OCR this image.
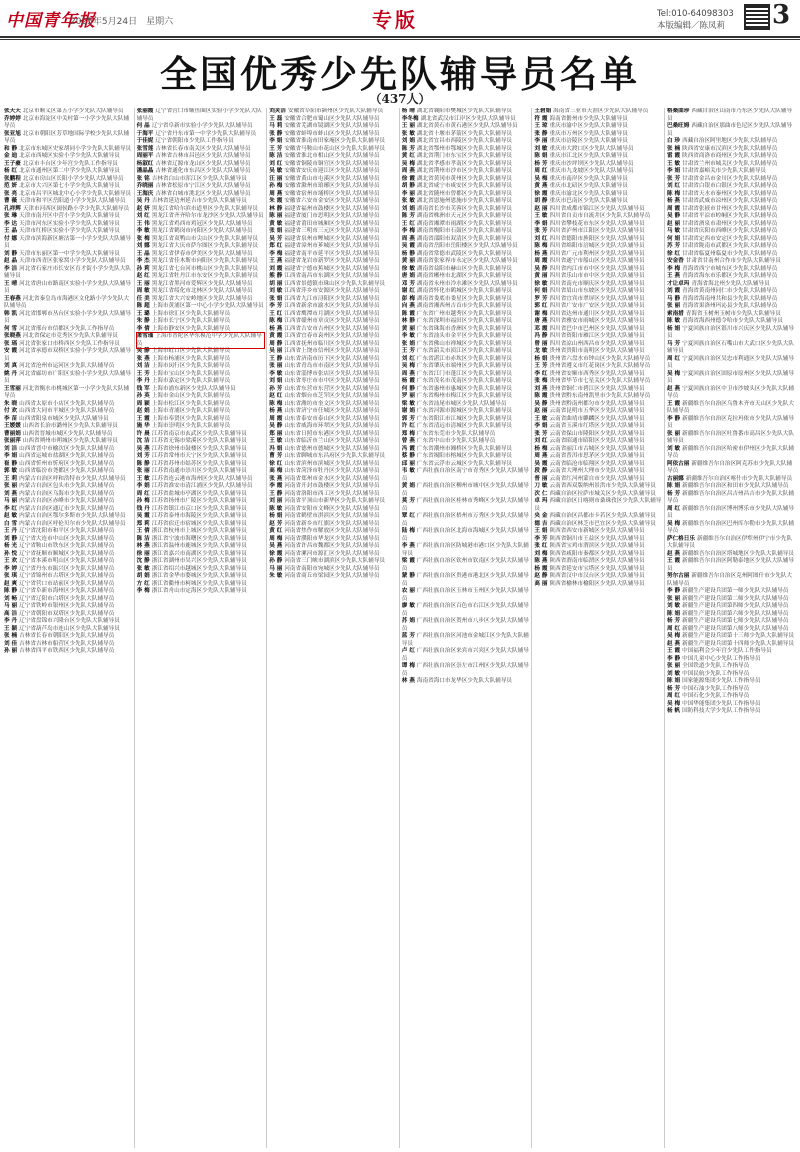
中国青年报
2025年5月24日　星期六	专版	Tel:010-64098303
本版编辑／陈凤莉	3
全国优秀少先队辅导员名单
（437人）

张天天 北京市顺义区第五小学少先队大队辅导员

乔婷婷 北京市海淀区中关村第一小学少先队大队辅导员

张亚旭 北京市朝阳区芳草地国际学校少先队大队辅导员

和 静 北京市东城区史家胡同小学少先队大队辅导员

金 迪 北京市西城区实验小学少先队大队辅导员

王子豪 北京市丰台区少年宫少先队工作指导员

杨 红 北京市通州区第二中学少先队大队辅导员

张鹏程 北京市房山区长阳小学少先队大队辅导员

范 妍 北京市大兴区第七小学少先队大队辅导员

张 亮 北京市昌平区城北中心小学少先队大队辅导员

曹 薇 天津市和平区岳阳道小学少先队大队辅导员

孔祥辉 天津市河西区闽侯路小学少先队大队辅导员

张 琳 天津市南开区中营小学少先队大队辅导员

李 达 天津市河东区实验小学少先队大队辅导员

王 晶 天津市红桥区实验小学少先队大队辅导员

付 娜 天津市滨海新区塘沽第一小学少先队大队辅导员

刘 静 天津市东丽区第一中学少先队大队辅导员

赵 晶 天津市西青区张家窝小学少先队大队辅导员

李 洁 河北省石家庄市长安区育才街小学少先队大队辅导员

王 晴 河北省唐山市路南区实验小学少先队大队辅导员

王春燕 河北省秦皇岛市海港区文化路小学少先队大队辅导员

韩 凯 河北省邯郸市丛台区实验小学少先队大队辅导员

何 雪 河北省邢台市信都区少先队工作指导员

张晓燕 河北省保定市竞秀区少先队大队辅导员

张 瑶 河北省张家口市桥西区少先队工作指导员

安 霞 河北省承德市双桥区实验小学少先队大队辅导员

刘 真 河北省沧州市运河区少先队大队辅导员

姚 丹 河北省廊坊市广阳区实验小学少先队大队辅导员

王雪丽 河北省衡水市桃城区第一小学少先队大队辅导员

朱 晓 山西省太原市小店区少先队大队辅导员

付 欢 山西省大同市平城区少先队大队辅导员

李 苗 山西省阳泉市城区少先队大队辅导员

王媛媛 山西省长治市潞州区少先队大队辅导员

曹丽娟 山西省晋城市城区少先队大队辅导员

张丽萍 山西省朔州市朔城区少先队大队辅导员

刘 洁 山西省晋中市榆次区少先队大队辅导员

李 娟 山西省运城市盐湖区少先队大队辅导员

崔 静 山西省忻州市忻府区少先队大队辅导员

郭 敏 山西省临汾市尧都区少先队大队辅导员

王 莉 内蒙古自治区呼和浩特市少先队大队辅导员

张 丽 内蒙古自治区包头市少先队大队辅导员

刘 燕 内蒙古自治区乌海市少先队大队辅导员

马 丽 内蒙古自治区赤峰市少先队大队辅导员

李 红 内蒙古自治区通辽市少先队大队辅导员

赵 敏 内蒙古自治区鄂尔多斯市少先队大队辅导员

白 雪 内蒙古自治区呼伦贝尔市少先队大队辅导员

王 丹 辽宁省沈阳市和平区少先队大队辅导员

刘 静 辽宁省大连市中山区少先队大队辅导员

杨 光 辽宁省鞍山市铁东区少先队大队辅导员

孙 悦 辽宁省抚顺市顺城区少先队大队辅导员

王 欢 辽宁省本溪市明山区少先队大队辅导员

李 婷 辽宁省丹东市振兴区少先队大队辅导员

张 琪 辽宁省锦州市古塔区少先队大队辅导员

赵 爽 辽宁省营口市站前区少先队大队辅导员

陈 静 辽宁省阜新市海州区少先队大队辅导员

刘 畅 辽宁省辽阳市白塔区少先队大队辅导员

马 丽 辽宁省铁岭市银州区少先队大队辅导员

高 洁 辽宁省朝阳市双塔区少先队大队辅导员

李 丹 辽宁省盘锦市兴隆台区少先队大队辅导员

王 颖 辽宁省葫芦岛市连山区少先队大队辅导员

张 楠 吉林省长春市朝阳区少先队大队辅导员

刘 佳 吉林省吉林市船营区少先队大队辅导员

孙 丽 吉林省四平市铁西区少先队大队辅导员

张丽霞 辽宁省营口市鲅鱼圈区实验小学少先队大队辅导员

何 晶 辽宁省阜新市实验小学少先队大队辅导员

于海平 辽宁省丹东市第一中学少先队大队辅导员

于佳妮 辽宁省朝阳市少先队工作指导员

张雪莲 吉林省长春市南关区少先队大队辅导员

周丽平 吉林省吉林市昌邑区少先队大队辅导员

杨淑红 吉林省辽源市龙山区少先队大队辅导员

潘晶晶 吉林省通化市东昌区少先队大队辅导员

张 铭 吉林省白山市浑江区少先队大队辅导员

乔晓丽 吉林省松原市宁江区少先队大队辅导员

王海庆 吉林省白城市洮北区少先队大队辅导员

吴 丹 吉林省延边州延吉市少先队大队辅导员

赵 妍 黑龙江省哈尔滨市道里区少先队大队辅导员

刘 红 黑龙江省齐齐哈尔市龙沙区少先队大队辅导员

王 伟 黑龙江省鸡西市鸡冠区少先队大队辅导员

李 敏 黑龙江省鹤岗市向阳区少先队大队辅导员

张 梅 黑龙江省双鸭山市尖山区少先队大队辅导员

刘 娜 黑龙江省大庆市萨尔图区少先队大队辅导员

王 晶 黑龙江省伊春市伊美区少先队大队辅导员

李 杰 黑龙江省佳木斯市向阳区少先队大队辅导员

孙 莉 黑龙江省七台河市桃山区少先队大队辅导员

赵 红 黑龙江省牡丹江市东安区少先队大队辅导员

王 丽 黑龙江省黑河市爱辉区少先队大队辅导员

周 敏 黑龙江省绥化市北林区少先队大队辅导员

任 美 黑龙江省大兴安岭地区少先队大队辅导员

陈 超 上海市黄浦区第一中心小学少先队大队辅导员

王 璐 上海市徐汇区少先队大队辅导员

朱 静 上海市长宁区少先队大队辅导员

李 倩 上海市静安区少先队大队辅导员

萧雪瑾 上海市普陀区华东模范中学少先队大队辅导员

吴 静 上海市虹口区少先队大队辅导员

张 燕 上海市杨浦区少先队大队辅导员

刘 洁 上海市闵行区少先队大队辅导员

王 芳 上海市宝山区少先队大队辅导员

李 丹 上海市嘉定区少先队大队辅导员

钱 军 上海市浦东新区少先队大队辅导员

孙 英 上海市金山区少先队大队辅导员

周 颖 上海市松江区少先队大队辅导员

赵 娟 上海市青浦区少先队大队辅导员

王 霞 上海市奉贤区少先队大队辅导员

施 华 上海市崇明区少先队大队辅导员

许 晨 江苏省南京市玄武区少先队大队辅导员

沈 洁 江苏省无锡市梁溪区少先队大队辅导员

吴 燕 江苏省徐州市鼓楼区少先队大队辅导员

刘 芳 江苏省常州市天宁区少先队大队辅导员

陈 静 江苏省苏州市姑苏区少先队大队辅导员

张 丽 江苏省南通市崇川区少先队大队辅导员

王 敏 江苏省连云港市海州区少先队大队辅导员

李 娟 江苏省淮安市清江浦区少先队大队辅导员

周 红 江苏省盐城市亭湖区少先队大队辅导员

孙 梅 江苏省扬州市广陵区少先队大队辅导员

钱 丹 江苏省镇江市京口区少先队大队辅导员

吴 霞 江苏省泰州市海陵区少先队大队辅导员

郑 莉 江苏省宿迁市宿城区少先队大队辅导员

王 倩 浙江省杭州市上城区少先队大队辅导员

陈 洁 浙江省宁波市海曙区少先队大队辅导员

林 燕 浙江省温州市鹿城区少先队大队辅导员

徐 丽 浙江省嘉兴市南湖区少先队大队辅导员

沈 静 浙江省湖州市吴兴区少先队大队辅导员

张 敏 浙江省绍兴市越城区少先队大队辅导员

胡 娟 浙江省金华市婺城区少先队大队辅导员

方 红 浙江省衢州市柯城区少先队大队辅导员

李 梅 浙江省舟山市定海区少先队大队辅导员

刘灵洁 安徽省阜阳市颍州区少先队大队辅导员

王 磊 安徽省合肥市蜀山区少先队大队辅导员

马 莉 安徽省芜湖市镜湖区少先队大队辅导员

张 静 安徽省蚌埠市蚌山区少先队大队辅导员

李 娟 安徽省淮南市田家庵区少先队大队辅导员

王 芳 安徽省马鞍山市花山区少先队大队辅导员

陈 洁 安徽省淮北市相山区少先队大队辅导员

刘 红 安徽省铜陵市铜官区少先队大队辅导员

吴 敏 安徽省安庆市迎江区少先队大队辅导员

汪 丽 安徽省黄山市屯溪区少先队大队辅导员

孙 梅 安徽省滁州市琅琊区少先队大队辅导员

周 燕 安徽省宿州市埇桥区少先队大队辅导员

朱 霞 安徽省六安市金安区少先队大队辅导员

林 静 福建省福州市鼓楼区少先队大队辅导员

陈 丽 福建省厦门市思明区少先队大队辅导员

黄 敏 福建省莆田市城厢区少先队大队辅导员

张 娟 福建省三明市三元区少先队大队辅导员

吴 芳 福建省泉州市鲤城区少先队大队辅导员

郑 红 福建省漳州市芗城区少先队大队辅导员

李 梅 福建省南平市延平区少先队大队辅导员

王 燕 福建省龙岩市新罗区少先队大队辅导员

刘 霞 福建省宁德市蕉城区少先队大队辅导员

熊 静 江西省南昌市东湖区少先队大队辅导员

胡 丽 江西省景德镇市珠山区少先队大队辅导员

刘 敏 江西省萍乡市安源区少先队大队辅导员

张 娟 江西省九江市浔阳区少先队大队辅导员

李 芳 江西省新余市渝水区少先队大队辅导员

王 红 江西省鹰潭市月湖区少先队大队辅导员

陈 梅 江西省赣州市章贡区少先队大队辅导员

杨 燕 江西省吉安市吉州区少先队大队辅导员

黄 霞 江西省宜春市袁州区少先队大队辅导员

周 静 江西省抚州市临川区少先队大队辅导员

吴 丽 江西省上饶市信州区少先队大队辅导员

王 静 山东省济南市历下区少先队大队辅导员

张 丽 山东省青岛市市南区少先队大队辅导员

李 敏 山东省淄博市张店区少先队大队辅导员

刘 娟 山东省枣庄市市中区少先队大队辅导员

孙 芳 山东省东营市东营区少先队大队辅导员

赵 红 山东省烟台市芝罘区少先队大队辅导员

陈 梅 山东省潍坊市奎文区少先队大队辅导员

杨 燕 山东省济宁市任城区少先队大队辅导员

周 霞 山东省泰安市泰山区少先队大队辅导员

吴 静 山东省威海市环翠区少先队大队辅导员

郑 丽 山东省日照市东港区少先队大队辅导员

王 敏 山东省临沂市兰山区少先队大队辅导员

冯 娟 山东省德州市德城区少先队大队辅导员

曹 芳 山东省聊城市东昌府区少先队大队辅导员

徐 红 山东省滨州市滨城区少先队大队辅导员

高 梅 山东省菏泽市牡丹区少先队大队辅导员

张 燕 河南省郑州市金水区少先队大队辅导员

李 霞 河南省开封市鼓楼区少先队大队辅导员

王 静 河南省洛阳市西工区少先队大队辅导员

刘 丽 河南省平顶山市新华区少先队大队辅导员

陈 敏 河南省安阳市文峰区少先队大队辅导员

杨 娟 河南省鹤壁市淇滨区少先队大队辅导员

赵 芳 河南省新乡市红旗区少先队大队辅导员

黄 红 河南省焦作市解放区少先队大队辅导员

周 梅 河南省濮阳市华龙区少先队大队辅导员

吴 燕 河南省许昌市魏都区少先队大队辅导员

徐 霞 河南省漯河市源汇区少先队大队辅导员

孙 静 河南省三门峡市湖滨区少先队大队辅导员

马 丽 河南省南阳市宛城区少先队大队辅导员

朱 敏 河南省商丘市梁园区少先队大队辅导员

杨 晴 湖北省襄阳市樊城区少先队大队辅导员

李冬梅 湖北省武汉市江岸区少先队大队辅导员

王 丽 湖北省黄石市黄石港区少先队大队辅导员

张 敏 湖北省十堰市茅箭区少先队大队辅导员

刘 娟 湖北省宜昌市西陵区少先队大队辅导员

陈 芳 湖北省鄂州市鄂城区少先队大队辅导员

黄 红 湖北省荆门市东宝区少先队大队辅导员

吴 梅 湖北省孝感市孝南区少先队大队辅导员

周 燕 湖北省荆州市沙市区少先队大队辅导员

徐 霞 湖北省黄冈市黄州区少先队大队辅导员

胡 静 湖北省咸宁市咸安区少先队大队辅导员

李 丽 湖北省随州市曾都区少先队大队辅导员

张 敏 湖北省恩施州恩施市少先队大队辅导员

刘 娟 湖南省长沙市芙蓉区少先队大队辅导员

陈 芳 湖南省株洲市天元区少先队大队辅导员

王 红 湖南省湘潭市雨湖区少先队大队辅导员

李 梅 湖南省衡阳市石鼓区少先队大队辅导员

周 燕 湖南省邵阳市双清区少先队大队辅导员

吴 霞 湖南省岳阳市岳阳楼区少先队大队辅导员

杨 静 湖南省常德市武陵区少先队大队辅导员

黄 丽 湖南省张家界市永定区少先队大队辅导员

徐 敏 湖南省益阳市赫山区少先队大队辅导员

唐 娟 湖南省郴州市北湖区少先队大队辅导员

邓 芳 湖南省永州市冷水滩区少先队大队辅导员

谢 红 湖南省怀化市鹤城区少先队大队辅导员

彭 梅 湖南省娄底市娄星区少先队大队辅导员

向 燕 湖南省湘西州吉首市少先队大队辅导员

陈 霞 广东省广州市越秀区少先队大队辅导员

林 静 广东省深圳市福田区少先队大队辅导员

黄 丽 广东省珠海市香洲区少先队大队辅导员

李 敏 广东省汕头市金平区少先队大队辅导员

张 娟 广东省佛山市禅城区少先队大队辅导员

王 芳 广东省韶关市浈江区少先队大队辅导员

刘 红 广东省湛江市赤坎区少先队大队辅导员

吴 梅 广东省肇庆市端州区少先队大队辅导员

周 燕 广东省江门市蓬江区少先队大队辅导员

杨 霞 广东省茂名市茂南区少先队大队辅导员

何 静 广东省惠州市惠城区少先队大队辅导员

罗 丽 广东省梅州市梅江区少先队大队辅导员

梁 敏 广东省汕尾市城区少先队大队辅导员

谢 娟 广东省河源市源城区少先队大队辅导员

郭 芳 广东省阳江市江城区少先队大队辅导员

许 红 广东省清远市清城区少先队大队辅导员

郑 梅 广东省东莞市少先队大队辅导员

曾 燕 广东省中山市少先队大队辅导员

冯 霞 广东省潮州市湘桥区少先队大队辅导员

蔡 静 广东省揭阳市榕城区少先队大队辅导员

邱 丽 广东省云浮市云城区少先队大队辅导员

韦 敏 广西壮族自治区南宁市青秀区少先队大队辅导员

黄 娟 广西壮族自治区柳州市城中区少先队大队辅导员

莫 芳 广西壮族自治区桂林市秀峰区少先队大队辅导员

覃 红 广西壮族自治区梧州市万秀区少先队大队辅导员

陆 梅 广西壮族自治区北海市海城区少先队大队辅导员

李 燕 广西壮族自治区防城港市港口区少先队大队辅导员

梁 霞 广西壮族自治区钦州市钦南区少先队大队辅导员

蒙 静 广西壮族自治区贵港市港北区少先队大队辅导员

农 丽 广西壮族自治区玉林市玉州区少先队大队辅导员

廖 敏 广西壮族自治区百色市右江区少先队大队辅导员

苏 娟 广西壮族自治区贺州市八步区少先队大队辅导员

蓝 芳 广西壮族自治区河池市金城江区少先队大队辅导员

卢 红 广西壮族自治区来宾市兴宾区少先队大队辅导员

谭 梅 广西壮族自治区崇左市江州区少先队大队辅导员

林 燕 海南省海口市龙华区少先队大队辅导员

王碧娟 海南省三亚市天涯区少先队大队辅导员

符 霞 海南省儋州市少先队大队辅导员

王 琼 重庆市渝中区少先队大队辅导员

张 静 重庆市万州区少先队大队辅导员

李 丽 重庆市涪陵区少先队大队辅导员

刘 敏 重庆市大渡口区少先队大队辅导员

陈 娟 重庆市江北区少先队大队辅导员

杨 芳 重庆市沙坪坝区少先队大队辅导员

周 红 重庆市九龙坡区少先队大队辅导员

吴 梅 重庆市南岸区少先队大队辅导员

黄 燕 重庆市北碚区少先队大队辅导员

徐 霞 重庆市渝北区少先队大队辅导员

胡 静 重庆市巴南区少先队大队辅导员

赵 丽 四川省成都市锦江区少先队大队辅导员

王 敏 四川省自贡市自流井区少先队大队辅导员

李 娟 四川省攀枝花市东区少先队大队辅导员

张 芳 四川省泸州市江阳区少先队大队辅导员

刘 红 四川省德阳市旌阳区少先队大队辅导员

陈 梅 四川省绵阳市涪城区少先队大队辅导员

杨 燕 四川省广元市利州区少先队大队辅导员

周 霞 四川省遂宁市船山区少先队大队辅导员

吴 静 四川省内江市市中区少先队大队辅导员

黄 丽 四川省乐山市市中区少先队大队辅导员

徐 敏 四川省南充市顺庆区少先队大队辅导员

何 娟 四川省眉山市东坡区少先队大队辅导员

罗 芳 四川省宜宾市翠屏区少先队大队辅导员

郭 红 四川省广安市广安区少先队大队辅导员

谢 梅 四川省达州市通川区少先队大队辅导员

唐 燕 四川省雅安市雨城区少先队大队辅导员

邓 霞 四川省巴中市巴州区少先队大队辅导员

冯 静 四川省资阳市雁江区少先队大队辅导员

曾 丽 四川省凉山州西昌市少先队大队辅导员

龙 敏 贵州省贵阳市南明区少先队大队辅导员

杨 娟 贵州省六盘水市钟山区少先队大队辅导员

王 芳 贵州省遵义市红花岗区少先队大队辅导员

李 红 贵州省安顺市西秀区少先队大队辅导员

张 梅 贵州省毕节市七星关区少先队大队辅导员

刘 燕 贵州省铜仁市碧江区少先队大队辅导员

陈 霞 贵州省黔东南州凯里市少先队大队辅导员

吴 静 贵州省黔南州都匀市少先队大队辅导员

赵 丽 云南省昆明市五华区少先队大队辅导员

王 敏 云南省曲靖市麒麟区少先队大队辅导员

李 娟 云南省玉溪市红塔区少先队大队辅导员

张 芳 云南省保山市隆阳区少先队大队辅导员

刘 红 云南省昭通市昭阳区少先队大队辅导员

杨 梅 云南省丽江市古城区少先队大队辅导员

周 燕 云南省普洱市思茅区少先队大队辅导员

吴 霞 云南省临沧市临翔区少先队大队辅导员

段 静 云南省大理州大理市少先队大队辅导员

普 丽 云南省红河州蒙自市少先队大队辅导员

刀 敏 云南省西双版纳州景洪市少先队大队辅导员

次 仁 西藏自治区拉萨市城关区少先队大队辅导员

卓 玛 西藏自治区日喀则市桑珠孜区少先队大队辅导员

央 金 西藏自治区昌都市卡若区少先队大队辅导员

德 吉 西藏自治区林芝市巴宜区少先队大队辅导员

王 娟 陕西省西安市新城区少先队大队辅导员

李 芳 陕西省铜川市王益区少先队大队辅导员

张 红 陕西省宝鸡市渭滨区少先队大队辅导员

刘 梅 陕西省咸阳市秦都区少先队大队辅导员

陈 燕 陕西省渭南市临渭区少先队大队辅导员

杨 霞 陕西省延安市宝塔区少先队大队辅导员

赵 静 陕西省汉中市汉台区少先队大队辅导员

高 丽 陕西省榆林市榆阳区少先队大队辅导员

格桑曲珍 西藏自治区山南市乃东区少先队大队辅导员

巴桑旺姆 西藏自治区那曲市色尼区少先队大队辅导员

白 珍 西藏自治区阿里地区少先队大队辅导员

张 楠 陕西省安康市汉滨区少先队大队辅导员

雷 霞 陕西省商洛市商州区少先队大队辅导员

王 敏 甘肃省兰州市城关区少先队大队辅导员

李 娟 甘肃省嘉峪关市少先队大队辅导员

张 芳 甘肃省金昌市金川区少先队大队辅导员

刘 红 甘肃省白银市白银区少先队大队辅导员

陈 梅 甘肃省天水市秦州区少先队大队辅导员

杨 燕 甘肃省武威市凉州区少先队大队辅导员

周 霞 甘肃省张掖市甘州区少先队大队辅导员

吴 静 甘肃省平凉市崆峒区少先队大队辅导员

赵 丽 甘肃省酒泉市肃州区少先队大队辅导员

马 敏 甘肃省庆阳市西峰区少先队大队辅导员

何 娟 甘肃省定西市安定区少先队大队辅导员

苏 芳 甘肃省陇南市武都区少先队大队辅导员

徐 红 甘肃省临夏州临夏市少先队大队辅导员

安金香 甘肃省甘南州合作市少先队大队辅导员

李 梅 青海省西宁市城东区少先队大队辅导员

王 燕 青海省海东市乐都区少先队大队辅导员

才让卓玛 青海省海北州少先队大队辅导员

刘 霞 青海省黄南州同仁市少先队大队辅导员

马 静 青海省海南州共和县少先队大队辅导员

张 丽 青海省果洛州玛沁县少先队大队辅导员

索南措 青海省玉树州玉树市少先队大队辅导员

陈 敏 青海省海西州德令哈市少先队大队辅导员

杨 娟 宁夏回族自治区银川市兴庆区少先队大队辅导员

马 芳 宁夏回族自治区石嘴山市大武口区少先队大队辅导员

周 红 宁夏回族自治区吴忠市利通区少先队大队辅导员

吴 梅 宁夏回族自治区固原市原州区少先队大队辅导员

赵 燕 宁夏回族自治区中卫市沙坡头区少先队大队辅导员

王 霞 新疆维吾尔自治区乌鲁木齐市天山区少先队大队辅导员

李 静 新疆维吾尔自治区克拉玛依市少先队大队辅导员

张 丽 新疆维吾尔自治区吐鲁番市高昌区少先队大队辅导员

刘 敏 新疆维吾尔自治区哈密市伊州区少先队大队辅导员

阿依古丽 新疆维吾尔自治区阿克苏市少先队大队辅导员

古丽娜 新疆维吾尔自治区喀什市少先队大队辅导员

陈 娟 新疆维吾尔自治区和田市少先队大队辅导员

杨 芳 新疆维吾尔自治区昌吉州昌吉市少先队大队辅导员

周 红 新疆维吾尔自治区博州博乐市少先队大队辅导员

吴 梅 新疆维吾尔自治区巴州库尔勒市少先队大队辅导员

萨仁格日乐 新疆维吾尔自治区伊犁州伊宁市少先队大队辅导员

赵 燕 新疆维吾尔自治区塔城地区少先队大队辅导员

王 霞 新疆维吾尔自治区阿勒泰地区少先队大队辅导员

努尔古丽 新疆维吾尔自治区克州阿图什市少先队大队辅导员

李 静 新疆生产建设兵团第一师少先队大队辅导员

张 丽 新疆生产建设兵团第二师少先队大队辅导员

刘 敏 新疆生产建设兵团第四师少先队大队辅导员

陈 娟 新疆生产建设兵团第六师少先队大队辅导员

杨 芳 新疆生产建设兵团第七师少先队大队辅导员

周 红 新疆生产建设兵团第八师少先队大队辅导员

吴 梅 新疆生产建设兵团第十三师少先队大队辅导员

赵 燕 新疆生产建设兵团第十四师少先队大队辅导员

王 霞 中国福利会少年宫少先队工作指导员

李 静 中国儿童中心少先队工作指导员

张 丽 全国铁道少先队工作指导员

刘 敏 中国民航少先队工作指导员

陈 娟 国家能源集团少先队工作指导员

杨 芳 中国石油少先队工作指导员

周 红 中国石化少先队工作指导员

吴 梅 中国华能集团少先队工作指导员

杨 帆 国防科技大学少先队工作指导员
